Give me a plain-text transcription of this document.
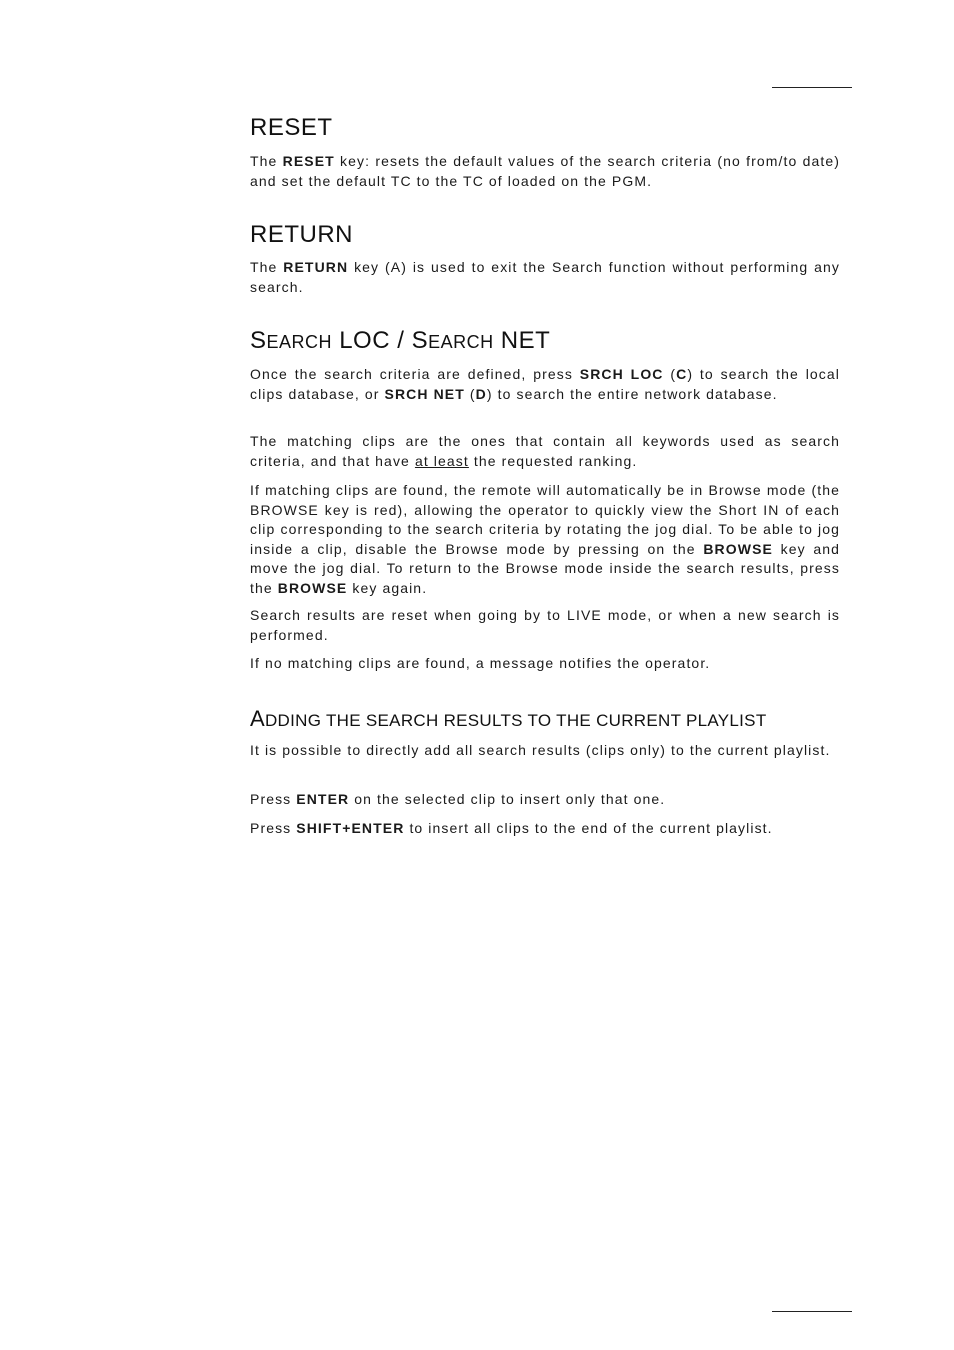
RESET

The RESET key: resets the default values of the search criteria (no from/to date) and set the default TC to the TC of loaded on the PGM.

RETURN

The RETURN key (A) is used to exit the Search function without performing any search.

SEARCH LOC / SEARCH NET

Once the search criteria are defined, press SRCH LOC (C) to search the local clips database, or SRCH NET (D) to search the entire network database.

The matching clips are the ones that contain all keywords used as search criteria, and that have at least the requested ranking.

If matching clips are found, the remote will automatically be in Browse mode (the BROWSE key is red), allowing the operator to quickly view the Short IN of each clip corresponding to the search criteria by rotating the jog dial. To be able to jog inside a clip, disable the Browse mode by pressing on the BROWSE key and move the jog dial. To return to the Browse mode inside the search results, press the BROWSE key again.

Search results are reset when going by to LIVE mode, or when a new search is performed.

If no matching clips are found, a message notifies the operator.

ADDING THE SEARCH RESULTS TO THE CURRENT PLAYLIST

It is possible to directly add all search results (clips only) to the current playlist.

Press ENTER on the selected clip to insert only that one.

Press SHIFT+ENTER to insert all clips to the end of the current playlist.
